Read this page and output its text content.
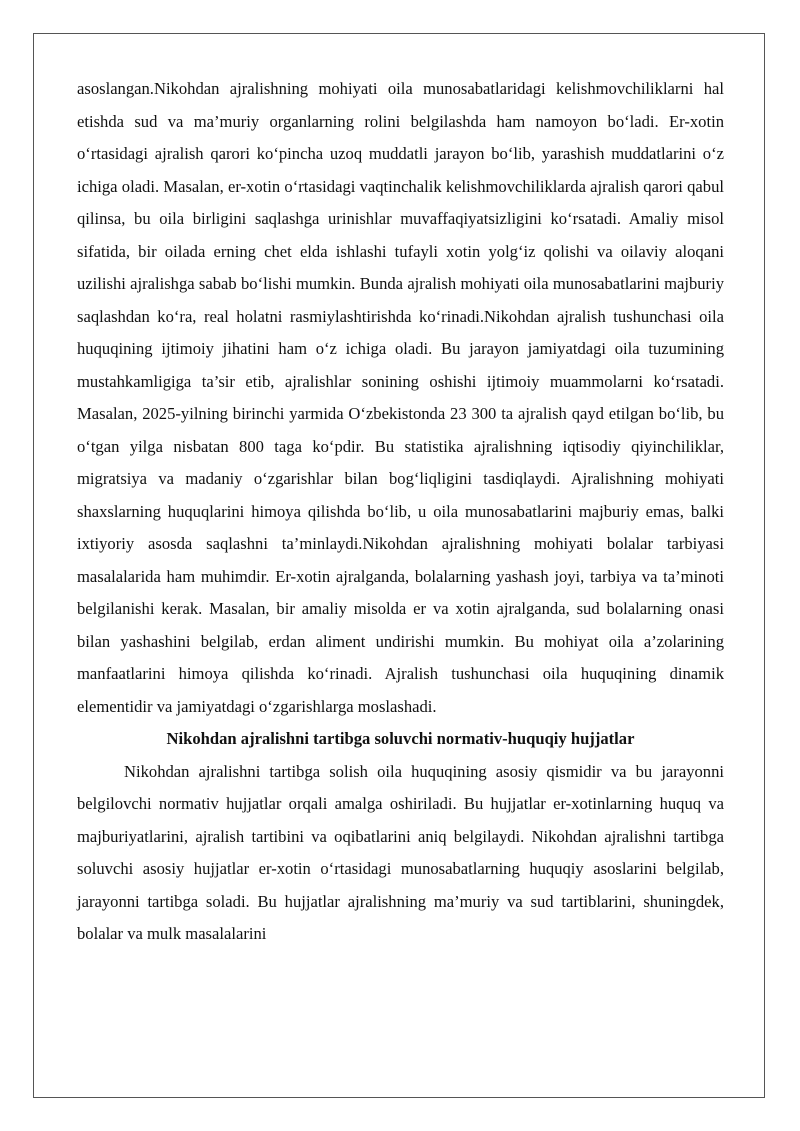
asoslangan.Nikohdan ajralishning mohiyati oila munosabatlaridagi kelishmovchiliklarni hal etishda sud va ma’muriy organlarning rolini belgilashda ham namoyon bo‘ladi. Er-xotin o‘rtasidagi ajralish qarori ko‘pincha uzoq muddatli jarayon bo‘lib, yarashish muddatlarini o‘z ichiga oladi. Masalan, er-xotin o‘rtasidagi vaqtinchalik kelishmovchiliklarda ajralish qarori qabul qilinsa, bu oila birligini saqlashga urinishlar muvaffaqiyatsizligini ko‘rsatadi. Amaliy misol sifatida, bir oilada erning chet elda ishlashi tufayli xotin yolg‘iz qolishi va oilaviy aloqani uzilishi ajralishga sabab bo‘lishi mumkin. Bunda ajralish mohiyati oila munosabatlarini majburiy saqlashdan ko‘ra, real holatni rasmiylashtirishda ko‘rinadi.Nikohdan ajralish tushunchasi oila huquqining ijtimoiy jihatini ham o‘z ichiga oladi. Bu jarayon jamiyatdagi oila tuzumining mustahkamligiga ta’sir etib, ajralishlar sonining oshishi ijtimoiy muammolarni ko‘rsatadi. Masalan, 2025-yilning birinchi yarmida O‘zbekistonda 23 300 ta ajralish qayd etilgan bo‘lib, bu o‘tgan yilga nisbatan 800 taga ko‘pdir. Bu statistika ajralishning iqtisodiy qiyinchiliklar, migratsiya va madaniy o‘zgarishlar bilan bog‘liqligini tasdiqlaydi. Ajralishning mohiyati shaxslarning huquqlarini himoya qilishda bo‘lib, u oila munosabatlarini majburiy emas, balki ixtiyoriy asosda saqlashni ta’minlaydi.Nikohdan ajralishning mohiyati bolalar tarbiyasi masalalarida ham muhimdir. Er-xotin ajralganda, bolalarning yashash joyi, tarbiya va ta’minoti belgilanishi kerak. Masalan, bir amaliy misolda er va xotin ajralganda, sud bolalarning onasi bilan yashashini belgilab, erdan aliment undirishi mumkin. Bu mohiyat oila a’zolarining manfaatlarini himoya qilishda ko‘rinadi. Ajralish tushunchasi oila huquqining dinamik elementidir va jamiyatdagi o‘zgarishlarga moslashadi.

Nikohdan ajralishni tartibga soluvchi normativ-huquqiy hujjatlar

Nikohdan ajralishni tartibga solish oila huquqining asosiy qismidir va bu jarayonni belgilovchi normativ hujjatlar orqali amalga oshiriladi. Bu hujjatlar er-xotinlarning huquq va majburiyatlarini, ajralish tartibini va oqibatlarini aniq belgilaydi. Nikohdan ajralishni tartibga soluvchi asosiy hujjatlar er-xotin o‘rtasidagi munosabatlarning huquqiy asoslarini belgilab, jarayonni tartibga soladi. Bu hujjatlar ajralishning ma’muriy va sud tartiblarini, shuningdek, bolalar va mulk masalalarini
